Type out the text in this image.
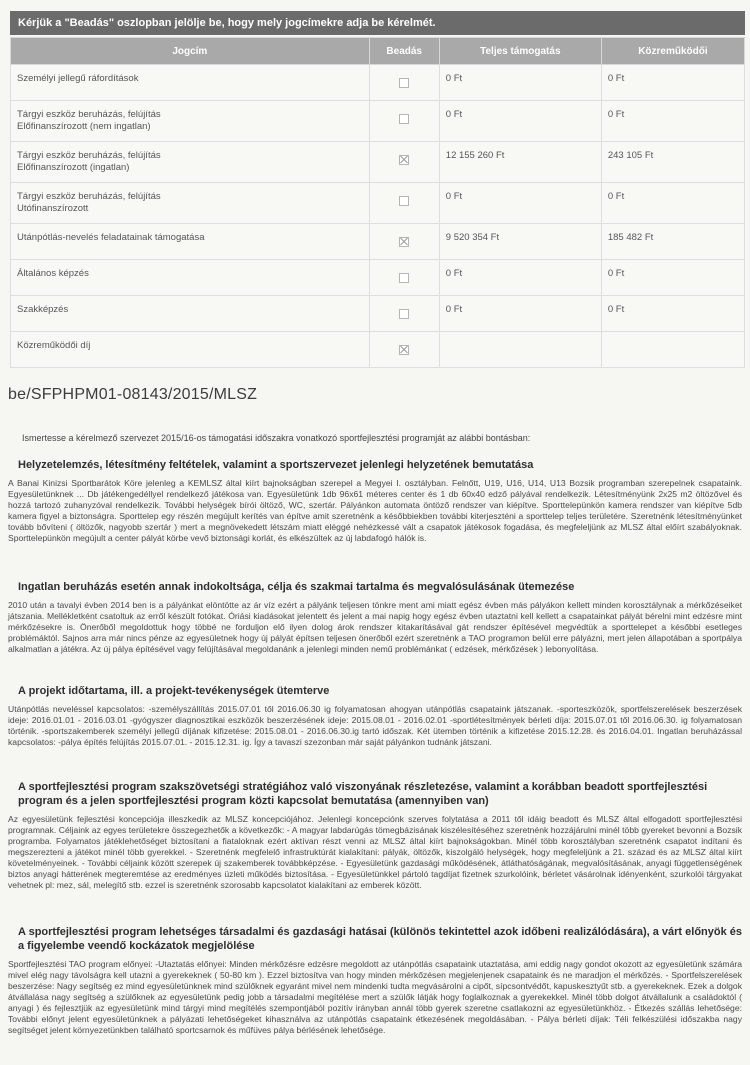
Kérjük a "Beadás" oszlopban jelölje be, hogy mely jogcímekre adja be kérelmét.
Jogcím	Beadás	Teljes támogatás	Közreműködői

Személyi jellegű ráfordítások		0 Ft	0 Ft

Tárgyi eszköz beruházás, felújítás
Előfinanszírozott (nem ingatlan)		0 Ft	0 Ft

Tárgyi eszköz beruházás, felújítás
Előfinanszírozott (ingatlan)		12 155 260 Ft	243 105 Ft

Tárgyi eszköz beruházás, felújítás
Utófinanszírozott		0 Ft	0 Ft

Utánpótlás-nevelés feladatainak támogatása		9 520 354 Ft	185 482 Ft

Általános képzés		0 Ft	0 Ft

Szakképzés		0 Ft	0 Ft

Közreműködői díj			

be/SFPHPM01-08143/2015/MLSZ
Ismertesse a kérelmező szervezet 2015/16-os támogatási időszakra vonatkozó sportfejlesztési programját az alábbi bontásban:
Helyzetelemzés, létesítmény feltételek, valamint a sportszervezet jelenlegi helyzetének bemutatása

A Banai Kinizsi Sportbarátok Köre jelenleg a KEMLSZ által kiírt bajnokságban szerepel a Megyei I. osztályban. Felnőtt, U19, U16, U14, U13 Bozsik programban szerepelnek csapataink. Egyesületünknek ... Db játékengedéllyel rendelkező játékosa van. Egyesületünk 1db 96x61 méteres center és 1 db 60x40 edző pályával rendelkezik. Létesítményünk 2x25 m2 öltözővel és hozzá tartozó zuhanyzóval rendelkezik. További helységek bírói öltöző, WC, szertár. Pályánkon automata öntöző rendszer van kiépítve. Sporttelepünkön kamera rendszer van kiépítve 5db kamera figyel a biztonságra. Sporttelep egy részén megújult kerítés van építve amit szeretnénk a későbbiekben további kiterjeszténi a sporttelep teljes területére. Szeretnénk létesítményünket tovább bővíteni ( öltözők, nagyobb szertár ) mert a megnövekedett létszám miatt eléggé nehézkessé vált a csapatok játékosok fogadása, és megfeleljünk az MLSZ által előírt szabályoknak. Sporttelepünkön megújult a center pályát körbe vevő biztonsági korlát, és elkészültek az új labdafogó hálók is.

Ingatlan beruházás esetén annak indokoltsága, célja és szakmai tartalma és megvalósulásának ütemezése

2010 után a tavalyi évben 2014 ben is a pályánkat elöntötte az ár víz ezért a pályánk teljesen tönkre ment ami miatt egész évben más pályákon kellett minden korosztálynak a mérkőzéseiket játszania. Mellékletként csatoltuk az erről készült fotókat. Óriási kiadásokat jelentett és jelent a mai napig hogy egész évben utaztatni kell kellett a csapatainkat pályát bérelni mint edzésre mint mérkőzésekre is. Önerőből megoldottuk hogy többé ne forduljon elő ilyen dolog árok rendszer kitakarításával gát rendszer építésével megvédtük a sporttelepet a későbbi esetleges problémáktól. Sajnos arra már nincs pénze az egyesületnek hogy új pályát építsen teljesen önerőből ezért szeretnénk a TAO programon belül erre pályázni, mert jelen állapotában a sportpálya alkalmatlan a játékra. Az új pálya építésével vagy felújításával megoldanánk a jelenlegi minden nemű problémánkat ( edzések, mérkőzések ) lebonyolítása.

A projekt időtartama, ill. a projekt-tevékenységek ütemterve

Utánpótlás neveléssel kapcsolatos: -személyszállítás 2015.07.01 től 2016.06.30 ig folyamatosan ahogyan utánpótlás csapataink játszanak. -sporteszközök, sportfelszerelések beszerzések ideje: 2016.01.01 - 2016.03.01 -gyógyszer diagnosztikai eszközök beszerzésének ideje: 2015.08.01 - 2016.02.01 -sportlétesítmények bérleti díja: 2015.07.01 től 2016.06.30. ig folyamatosan történik. -sportszakemberek személyi jellegű díjának kifizetése: 2015.08.01 - 2016.06.30.ig tartó időszak. Két ütemben történik a kifizetése 2015.12.28. és 2016.04.01. Ingatlan beruházással kapcsolatos: -pálya építés felújítás 2015.07.01. - 2015.12.31. ig. Így a tavaszi szezonban már saját pályánkon tudnánk játszani.

A sportfejlesztési program szakszövetségi stratégiához való viszonyának részletezése, valamint a korábban beadott sportfejlesztési program és a jelen sportfejlesztési program közti kapcsolat bemutatása (amennyiben van)

Az egyesületünk fejlesztési koncepciója illeszkedik az MLSZ koncepciójához. Jelenlegi koncepciónk szerves folytatása a 2011 től idáig beadott és MLSZ által elfogadott sportfejlesztési programnak. Céljaink az egyes területekre összegezhetők a következők: - A magyar labdarúgás tömegbázisának kiszélesítéséhez szeretnénk hozzájárulni minél több gyereket bevonni a Bozsik programba. Folyamatos játéklehetőséget biztosítani a fiataloknak ezért aktívan részt venni az MLSZ által kiírt bajnokságokban. Minél több korosztályban szeretnénk csapatot indítani és megszerezteni a játékot minél több gyerekkel. - Szeretnénk megfelelő infrastruktúrát kialakítani: pályák, öltözők, kiszolgáló helységek, hogy megfeleljünk a 21. század és az MLSZ által kiírt követelményeinek. - További céljaink között szerepek új szakemberek továbbképzése. - Egyesületünk gazdasági működésének, átláthatóságának, megvalósításának, anyagi függetlenségének biztos anyagi hátterének megteremtése az eredményes üzleti működés biztosítása. - Egyesületünkkel pártoló tagdíjat fizetnek szurkolóink, bérletet vásárolnak idényenként, szurkolói tárgyakat vehetnek pl: mez, sál, melegítő stb. ezzel is szeretnénk szorosabb kapcsolatot kialakítani az emberek között.

A sportfejlesztési program lehetséges társadalmi és gazdasági hatásai (különös tekintettel azok időbeni realizálódására), a várt előnyök és a figyelembe veendő kockázatok megjelölése

Sportfejlesztési TAO program előnyei: -Utaztatás előnyei: Minden mérkőzésre edzésre megoldott az utánpótlás csapataink utaztatása, ami eddig nagy gondot okozott az egyesületünk számára mivel elég nagy távolságra kell utazni a gyerekeknek ( 50-80 km ). Ezzel biztosítva van hogy minden mérkőzésen megjelenjenek csapataink és ne maradjon el mérkőzés. - Sportfelszerelések beszerzése: Nagy segítség ez mind egyesületünknek mind szülőknek egyaránt mivel nem mindenki tudta megvásárolni a cipőt, sípcsontvédőt, kapuskesztyűt stb. a gyerekeknek. Ezek a dolgok átvállalása nagy segítség a szülőknek az egyesületünk pedig jobb a társadalmi megítélése mert a szülők látják hogy foglalkoznak a gyerekekkel. Minél több dolgot átvállalunk a családoktól ( anyagi ) és fejlesztjük az egyesületünk mind tárgyi mind megítélés szempontjából pozitív irányban annál több gyerek szeretne csatlakozni az egyesületünkhöz. - Étkezés szállás lehetősége: További előnyt jelent egyesületünknek a pályázati lehetőségeket kihasználva az utánpótlás csapataink étkezésének megoldásában. - Pálya bérleti díjak: Téli felkészülési időszakba nagy segítséget jelent környezetünkben található sportcsarnok és műfüves pálya bérlésének lehetősége.
